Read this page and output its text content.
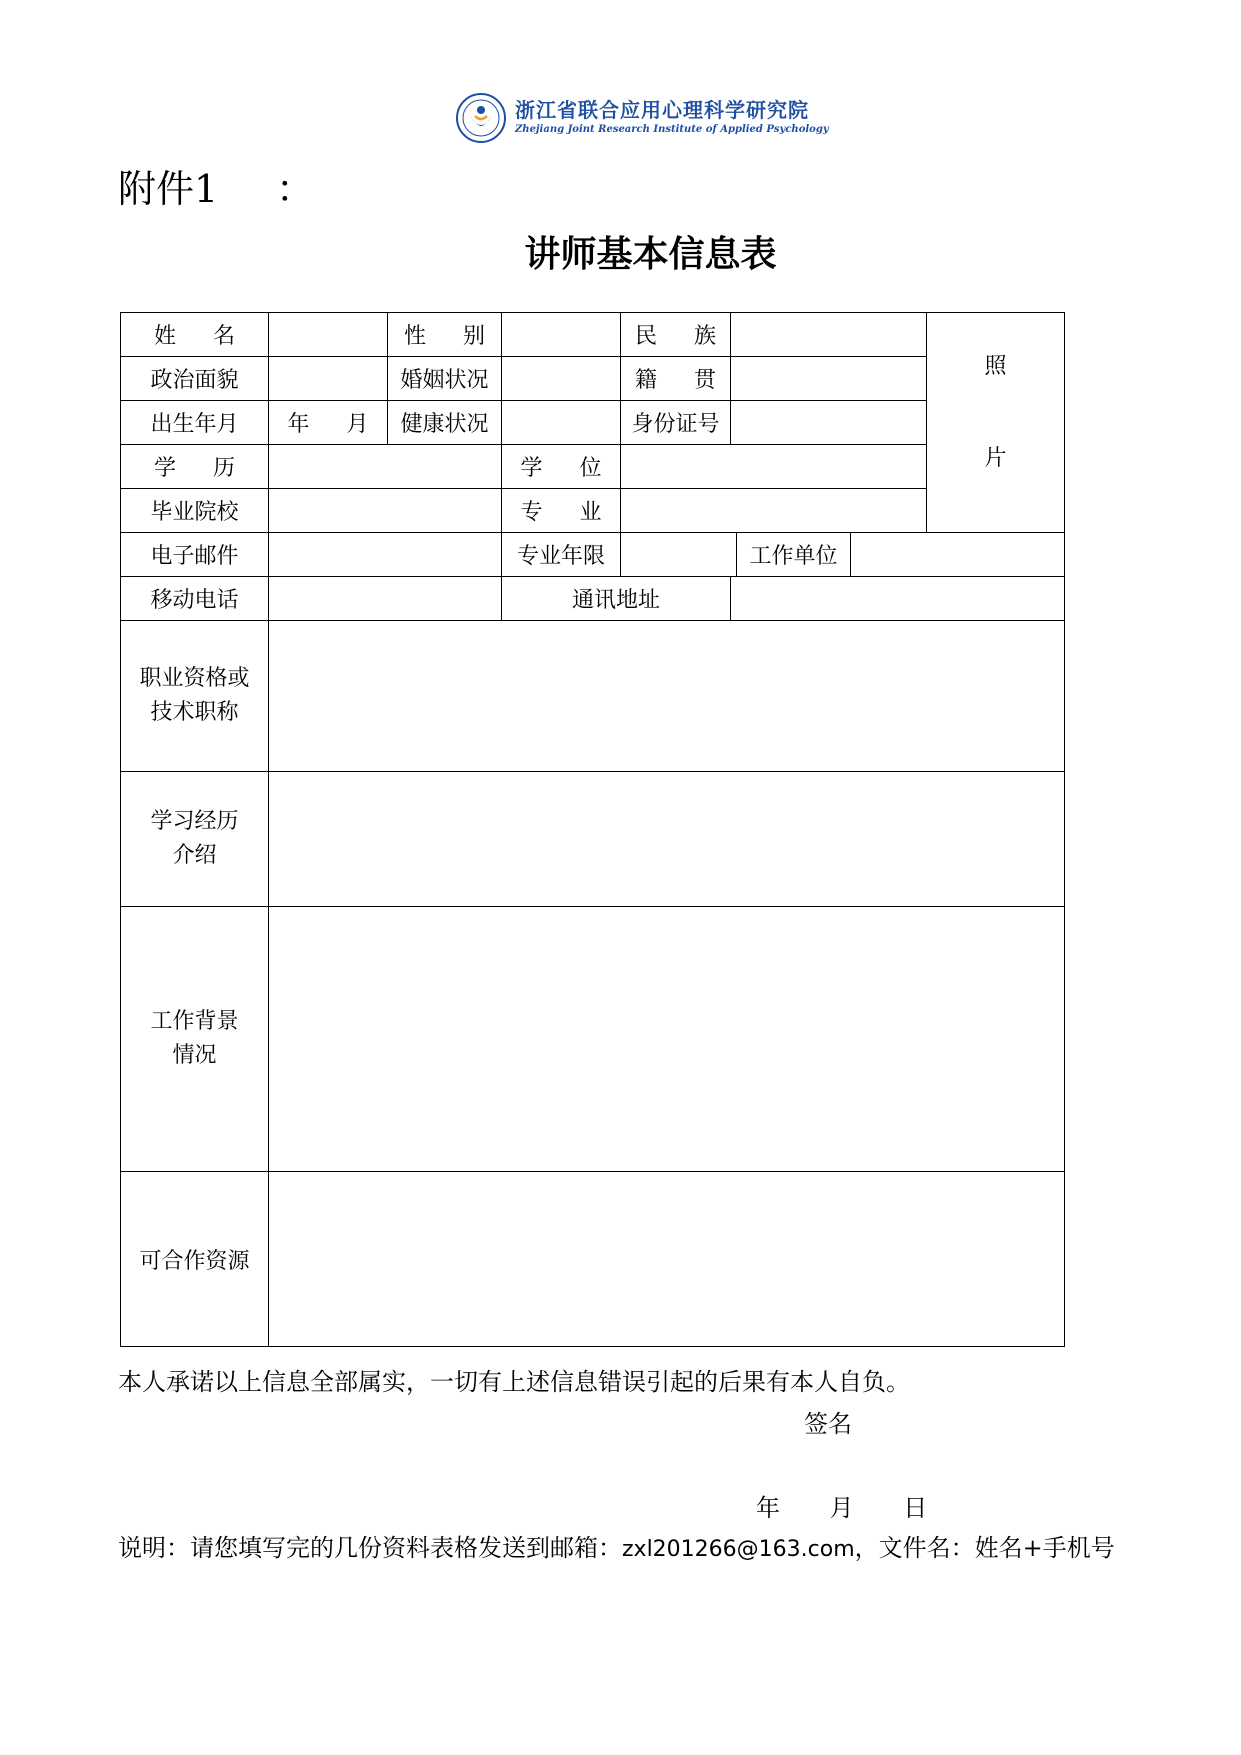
浙江省联合应用心理科学研究院
Zhejiang Joint Research Institute of Applied Psychology
附件1 ：
讲师基本信息表
姓 名		性 别		民 族				照
片

政治面貌		婚姻状况		籍 贯				
出生年月	年 月	健康状况		身份证号				
学 历			学 位					
毕业院校			专 业					
电子邮件			专业年限			工作单位		
移动电话			通讯地址					

职业资格或
技术职称								

学习经历
介绍								

工作背景
情况								

可合作资源								
本人承诺以上信息全部属实，一切有上述信息错误引起的后果有本人自负。
签名
年 月 日
说明：请您填写完的几份资料表格发送到邮箱：zxl201266@163.com，文件名：姓名+手机号
